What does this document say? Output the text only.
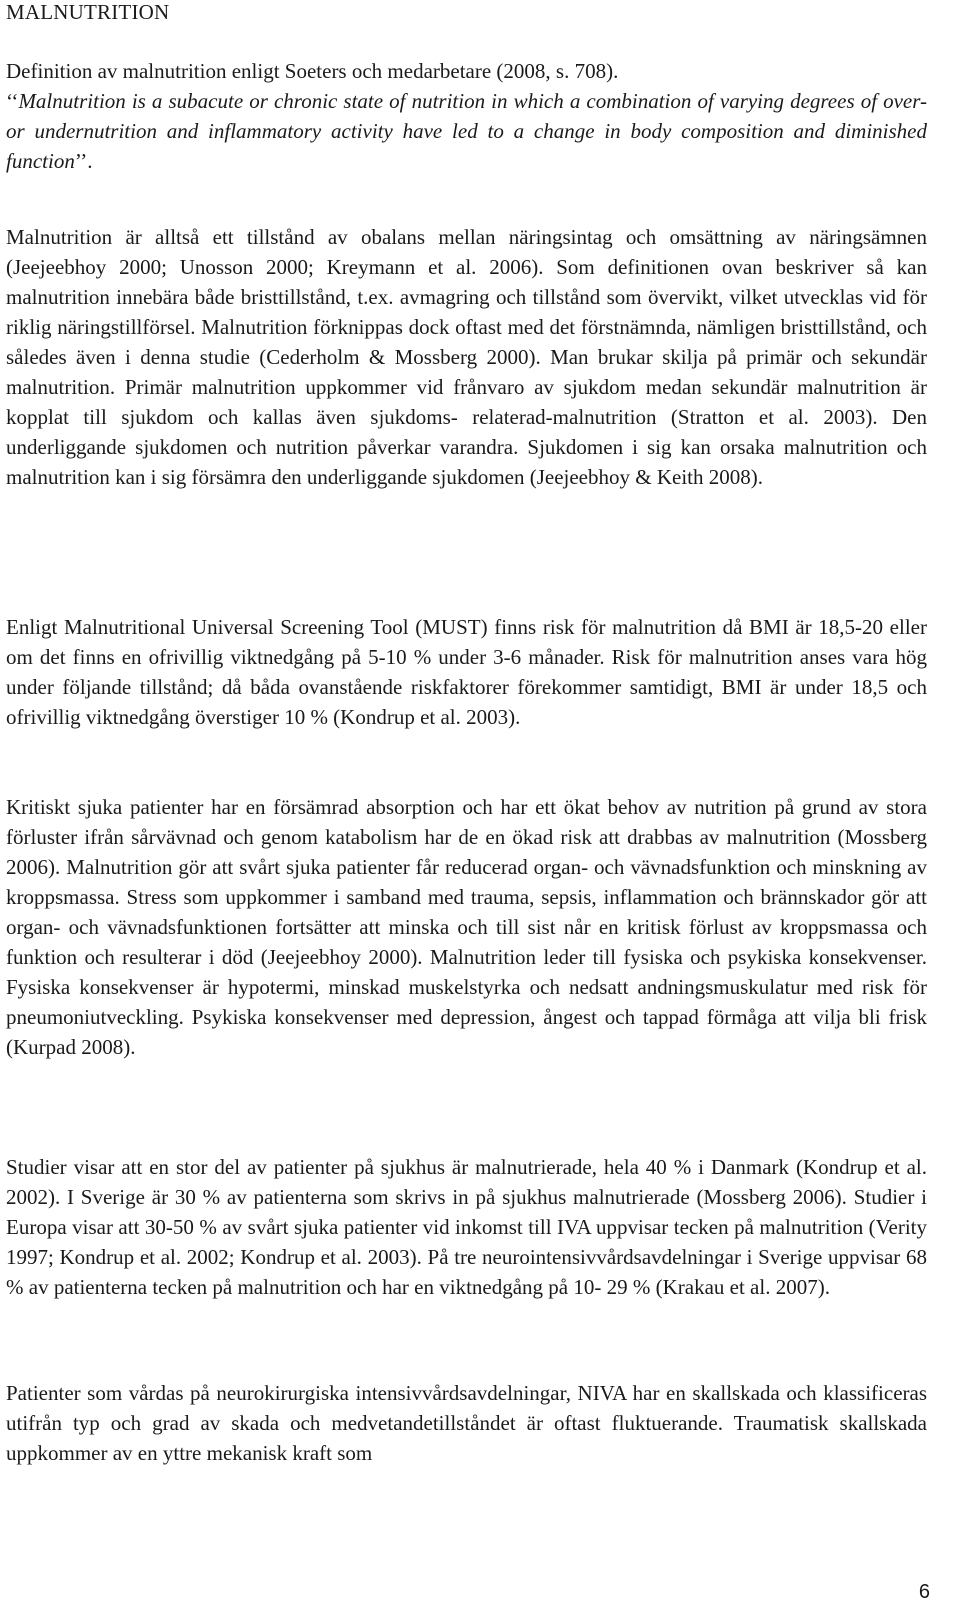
MALNUTRITION

Definition av malnutrition enligt Soeters och medarbetare (2008, s. 708).

‘‘Malnutrition is a subacute or chronic state of nutrition in which a combination of varying degrees of over- or undernutrition and inflammatory activity have led to a change in body composition and diminished function’’.

Malnutrition är alltså ett tillstånd av obalans mellan näringsintag och omsättning av näringsämnen (Jeejeebhoy 2000; Unosson 2000; Kreymann et al. 2006). Som definitionen ovan beskriver så kan malnutrition innebära både bristtillstånd, t.ex. avmagring och tillstånd som övervikt, vilket utvecklas vid för riklig näringstillförsel. Malnutrition förknippas dock oftast med det förstnämnda, nämligen bristtillstånd, och således även i denna studie (Cederholm & Mossberg 2000). Man brukar skilja på primär och sekundär malnutrition. Primär malnutrition uppkommer vid frånvaro av sjukdom medan sekundär malnutrition är kopplat till sjukdom och kallas även sjukdoms- relaterad-malnutrition (Stratton et al. 2003). Den underliggande sjukdomen och nutrition påverkar varandra. Sjukdomen i sig kan orsaka malnutrition och malnutrition kan i sig försämra den underliggande sjukdomen (Jeejeebhoy & Keith 2008).

Enligt Malnutritional Universal Screening Tool (MUST) finns risk för malnutrition då BMI är 18,5-20 eller om det finns en ofrivillig viktnedgång på 5-10 % under 3-6 månader. Risk för malnutrition anses vara hög under följande tillstånd; då båda ovanstående riskfaktorer förekommer samtidigt, BMI är under 18,5 och ofrivillig viktnedgång överstiger 10 % (Kondrup et al. 2003).

Kritiskt sjuka patienter har en försämrad absorption och har ett ökat behov av nutrition på grund av stora förluster ifrån sårvävnad och genom katabolism har de en ökad risk att drabbas av malnutrition (Mossberg 2006). Malnutrition gör att svårt sjuka patienter får reducerad organ- och vävnadsfunktion och minskning av kroppsmassa. Stress som uppkommer i samband med trauma, sepsis, inflammation och brännskador gör att organ- och vävnadsfunktionen fortsätter att minska och till sist når en kritisk förlust av kroppsmassa och funktion och resulterar i död (Jeejeebhoy 2000). Malnutrition leder till fysiska och psykiska konsekvenser. Fysiska konsekvenser är hypotermi, minskad muskelstyrka och nedsatt andningsmuskulatur med risk för pneumoniutveckling. Psykiska konsekvenser med depression, ångest och tappad förmåga att vilja bli frisk (Kurpad 2008).

Studier visar att en stor del av patienter på sjukhus är malnutrierade, hela 40 % i Danmark (Kondrup et al. 2002). I Sverige är 30 % av patienterna som skrivs in på sjukhus malnutrierade (Mossberg 2006). Studier i Europa visar att 30-50 % av svårt sjuka patienter vid inkomst till IVA uppvisar tecken på malnutrition (Verity 1997; Kondrup et al. 2002; Kondrup et al. 2003). På tre neurointensivvårdsavdelningar i Sverige uppvisar 68 % av patienterna tecken på malnutrition och har en viktnedgång på 10- 29 % (Krakau et al. 2007).

Patienter som vårdas på neurokirurgiska intensivvårdsavdelningar, NIVA har en skallskada och klassificeras utifrån typ och grad av skada och medvetandetillståndet är oftast fluktuerande. Traumatisk skallskada uppkommer av en yttre mekanisk kraft som

6
